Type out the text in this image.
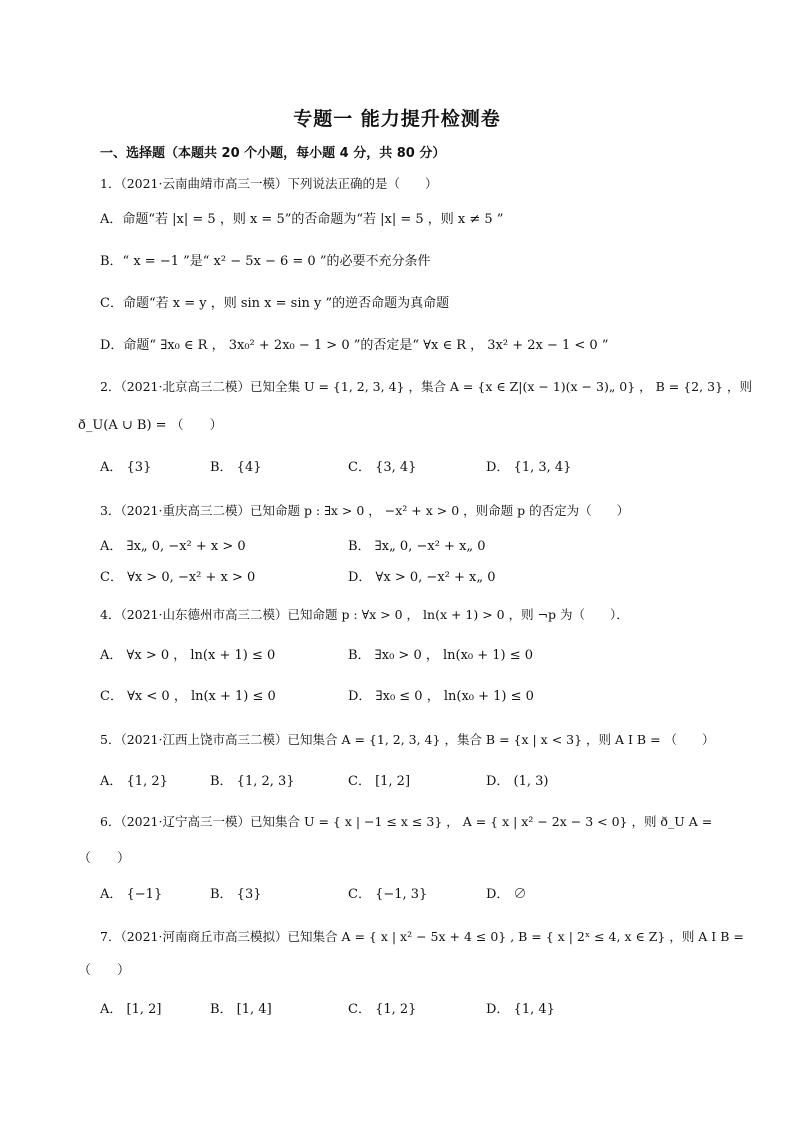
专题一 能力提升检测卷
一、选择题（本题共 20 个小题，每小题 4 分，共 80 分）
1．（2021·云南曲靖市高三一模）下列说法正确的是（　　）
A．命题“若 |x| = 5 ，则 x = 5”的否命题为“若 |x| = 5 ，则 x ≠ 5 ”
B．“ x = −1 ”是“ x² − 5x − 6 = 0 ”的必要不充分条件
C．命题“若 x = y ，则 sin x = sin y ”的逆否命题为真命题
D．命题“ ∃x₀ ∈ R ， 3x₀² + 2x₀ − 1 > 0 ”的否定是“ ∀x ∈ R ， 3x² + 2x − 1 < 0 ”
2．（2021·北京高三二模）已知全集 U = {1, 2, 3, 4} ，集合 A = {x ∈ Z|(x − 1)(x − 3)„ 0} ， B = {2, 3} ，则
ð_U(A ∪ B) = （　　）
A． {3}	B． {4}	C． {3, 4}	D． {1, 3, 4}
3．（2021·重庆高三二模）已知命题 p : ∃x > 0 ， −x² + x > 0 ，则命题 p 的否定为（　　）
A． ∃x„ 0, −x² + x > 0	B． ∃x„ 0, −x² + x„ 0
C． ∀x > 0, −x² + x > 0	D． ∀x > 0, −x² + x„ 0
4．（2021·山东德州市高三二模）已知命题 p : ∀x > 0 ， ln(x + 1) > 0 ，则 ¬p 为（　　）．
A． ∀x > 0 ， ln(x + 1) ≤ 0	B． ∃x₀ > 0 ， ln(x₀ + 1) ≤ 0
C． ∀x < 0 ， ln(x + 1) ≤ 0	D． ∃x₀ ≤ 0 ， ln(x₀ + 1) ≤ 0
5．（2021·江西上饶市高三二模）已知集合 A = {1, 2, 3, 4} ，集合 B = {x | x < 3} ，则 A I B = （　　）
A． {1, 2}	B． {1, 2, 3}	C． [1, 2]	D． (1, 3)
6．（2021·辽宁高三一模）已知集合 U = { x | −1 ≤ x ≤ 3} ， A = { x | x² − 2x − 3 < 0} ，则 ð_U A =
（　　）
A． {−1}	B． {3}	C． {−1, 3}	D． ∅
7．（2021·河南商丘市高三模拟）已知集合 A = { x | x² − 5x + 4 ≤ 0} , B = { x | 2ˣ ≤ 4, x ∈ Z} ，则 A I B =
（　　）
A． [1, 2]	B． [1, 4]	C． {1, 2}	D． {1, 4}
